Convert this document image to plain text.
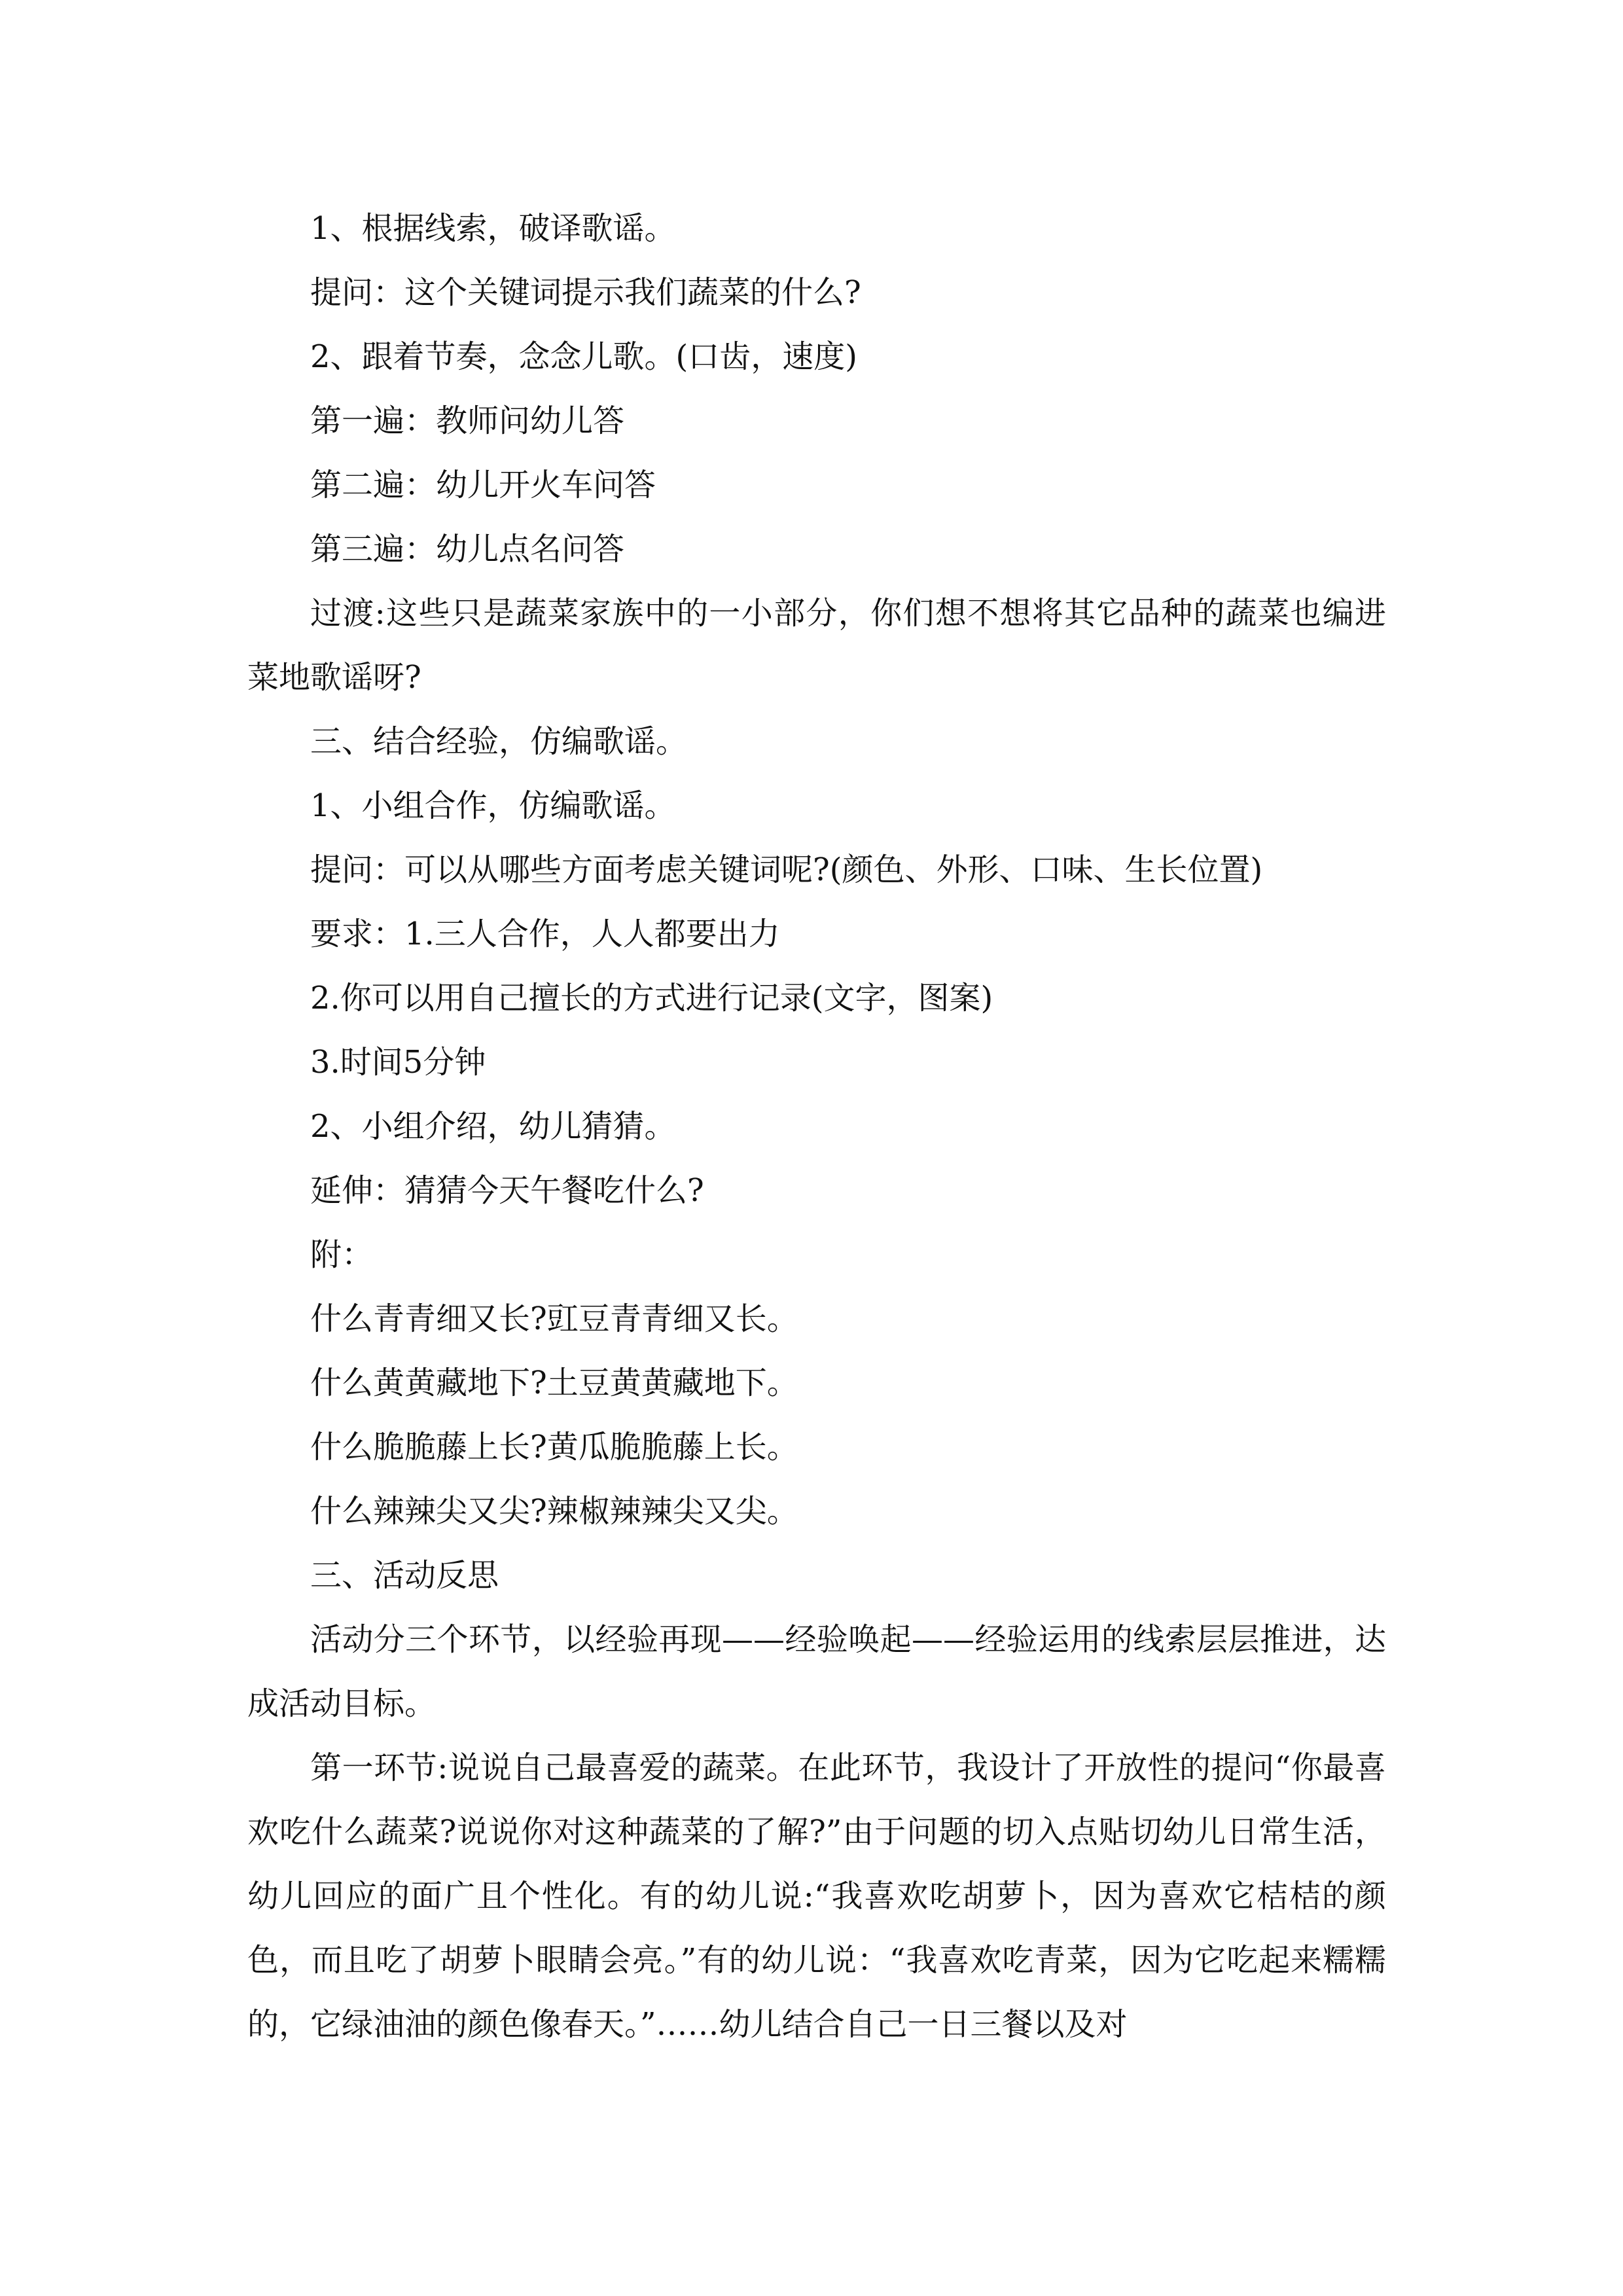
1、根据线索，破译歌谣。

提问：这个关键词提示我们蔬菜的什么?

2、跟着节奏，念念儿歌。(口齿，速度)

第一遍：教师问幼儿答

第二遍：幼儿开火车问答

第三遍：幼儿点名问答

过渡:这些只是蔬菜家族中的一小部分，你们想不想将其它品种的蔬菜也编进菜地歌谣呀?

三、结合经验，仿编歌谣。

1、小组合作，仿编歌谣。

提问：可以从哪些方面考虑关键词呢?(颜色、外形、口味、生长位置)

要求：1.三人合作，人人都要出力

2.你可以用自己擅长的方式进行记录(文字，图案)

3.时间5分钟

2、小组介绍，幼儿猜猜。

延伸：猜猜今天午餐吃什么?

附：

什么青青细又长?豇豆青青细又长。

什么黄黄藏地下?土豆黄黄藏地下。

什么脆脆藤上长?黄瓜脆脆藤上长。

什么辣辣尖又尖?辣椒辣辣尖又尖。

三、活动反思

活动分三个环节，以经验再现——经验唤起——经验运用的线索层层推进，达成活动目标。

第一环节:说说自己最喜爱的蔬菜。在此环节，我设计了开放性的提问“你最喜欢吃什么蔬菜?说说你对这种蔬菜的了解?”由于问题的切入点贴切幼儿日常生活，幼儿回应的面广且个性化。有的幼儿说:“我喜欢吃胡萝卜，因为喜欢它桔桔的颜色，而且吃了胡萝卜眼睛会亮。”有的幼儿说：“我喜欢吃青菜，因为它吃起来糯糯的，它绿油油的颜色像春天。”……幼儿结合自己一日三餐以及对
